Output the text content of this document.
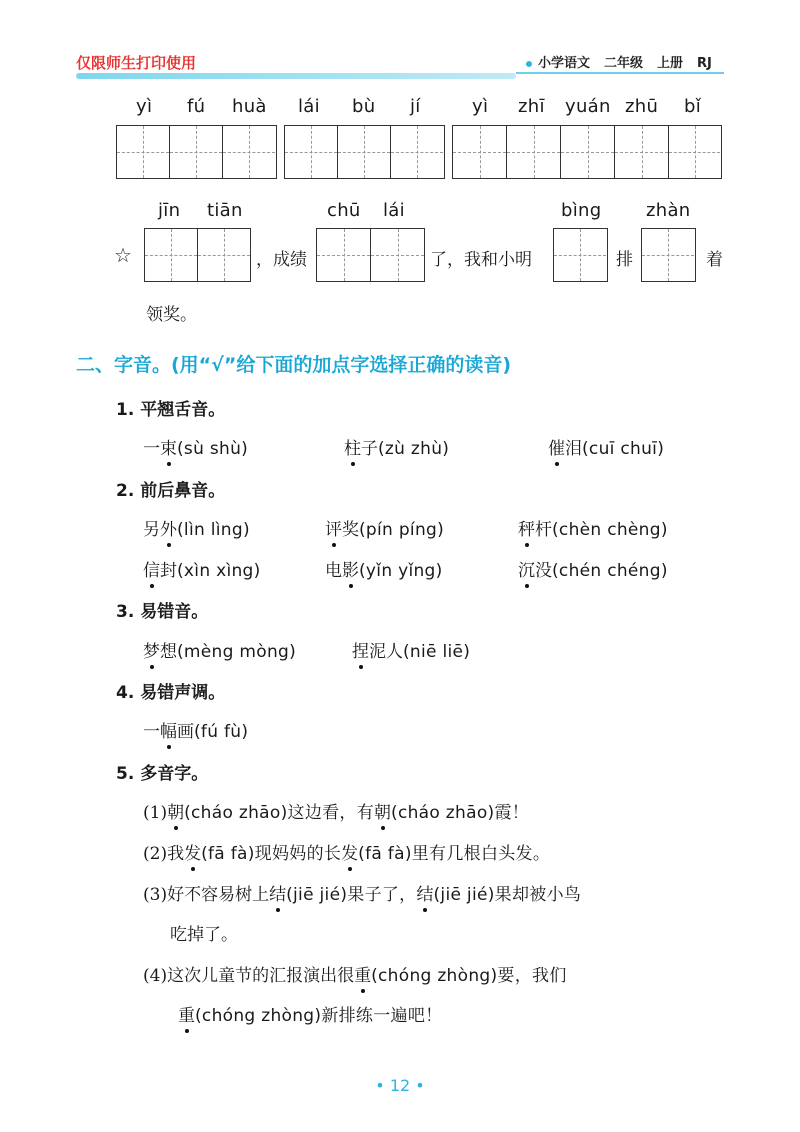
仅限师生打印使用	小学语文 二年级 上册 RJ
yì fú huà lái bù jí	yì zhī yuán zhū bǐ
jīn tiān	chū lái	bìng zhàn
☆	，成绩	了，我和小明	排	着
领奖。
二、字音。(用“√”给下面的加点字选择正确的读音)
1. 平翘舌音。
一束(sù shù)	柱子(zù zhù)	催泪(cuī chuī)
2. 前后鼻音。
另外(lìn lìng)	评奖(pín píng)	秤杆(chèn chèng)
信封(xìn xìng)	电影(yǐn yǐng)	沉没(chén chéng)
3. 易错音。
梦想(mèng mòng)	捏泥人(niē liē)
4. 易错声调。
一幅画(fú fù)
5. 多音字。
(1)朝(cháo zhāo)这边看，有朝(cháo zhāo)霞！
(2)我发(fā fà)现妈妈的长发(fā fà)里有几根白头发。
(3)好不容易树上结(jiē jié)果子了，结(jiē jié)果却被小鸟
吃掉了。
(4)这次儿童节的汇报演出很重(chóng zhòng)要，我们
重(chóng zhòng)新排练一遍吧！
• 12 •
